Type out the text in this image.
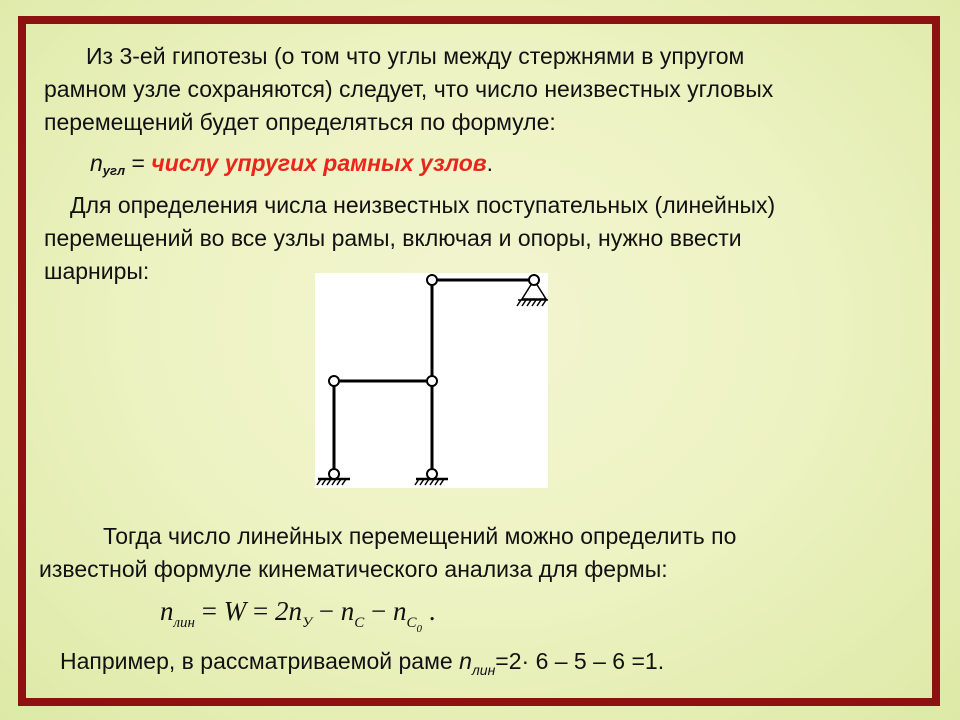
Из 3-ей гипотезы (о том что углы между стержнями в упругом
рамном узле сохраняются) следует, что число неизвестных угловых
перемещений будет определяться по формуле:
nугл = числу упругих рамных узлов.
Для определения числа неизвестных поступательных (линейных)
перемещений во все узлы рамы, включая и опоры, нужно ввести
шарниры:
Тогда число линейных перемещений можно определить по
известной формуле кинематического анализа для фермы:
$n_{лин} = W = 2n_У - n_C - n_{C0}$ .
Например, в рассматриваемой раме $n_{лин}=2\cdot 6 - 5 - 6 =1$.
